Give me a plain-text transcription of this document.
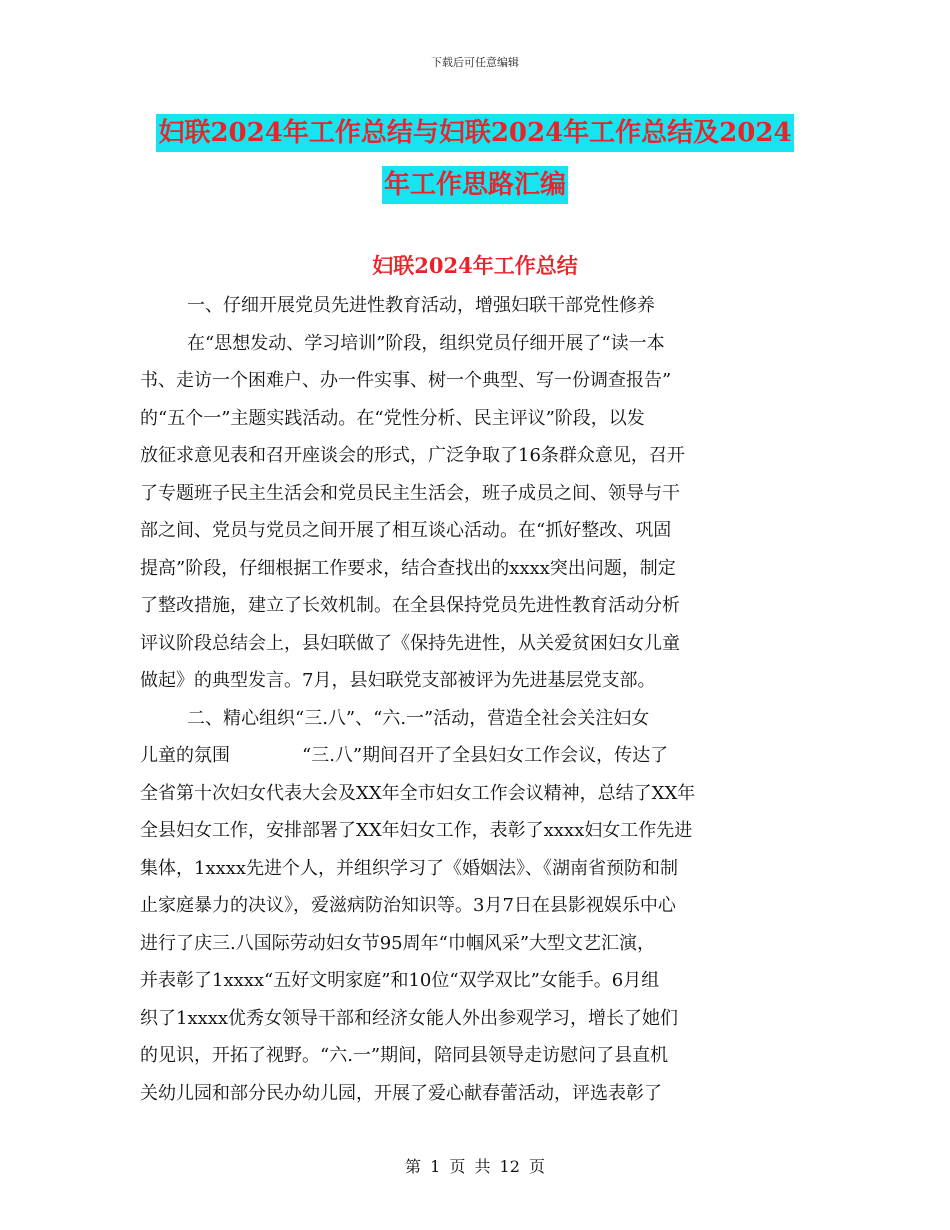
下载后可任意编辑
妇联2024年工作总结与妇联2024年工作总结及2024
年工作思路汇编
妇联2024年工作总结
一、仔细开展党员先进性教育活动，增强妇联干部党性修养
在“思想发动、学习培训”阶段，组织党员仔细开展了“读一本
书、走访一个困难户、办一件实事、树一个典型、写一份调查报告”
的“五个一”主题实践活动。在“党性分析、民主评议”阶段，以发
放征求意见表和召开座谈会的形式，广泛争取了16条群众意见，召开
了专题班子民主生活会和党员民主生活会，班子成员之间、领导与干
部之间、党员与党员之间开展了相互谈心活动。在“抓好整改、巩固
提高”阶段，仔细根据工作要求，结合查找出的xxxx突出问题，制定
了整改措施，建立了长效机制。在全县保持党员先进性教育活动分析
评议阶段总结会上，县妇联做了《保持先进性，从关爱贫困妇女儿童
做起》的典型发言。7月，县妇联党支部被评为先进基层党支部。
二、精心组织“三.八”、“六.一”活动，营造全社会关注妇女
儿童的氛围　　　　“三.八”期间召开了全县妇女工作会议，传达了
全省第十次妇女代表大会及XX年全市妇女工作会议精神，总结了XX年
全县妇女工作，安排部署了XX年妇女工作，表彰了xxxx妇女工作先进
集体，1xxxx先进个人，并组织学习了《婚姻法》、《湖南省预防和制
止家庭暴力的决议》，爱滋病防治知识等。3月7日在县影视娱乐中心
进行了庆三.八国际劳动妇女节95周年“巾帼风采”大型文艺汇演，
并表彰了1xxxx“五好文明家庭”和10位“双学双比”女能手。6月组
织了1xxxx优秀女领导干部和经济女能人外出参观学习，增长了她们
的见识，开拓了视野。“六.一”期间，陪同县领导走访慰问了县直机
关幼儿园和部分民办幼儿园，开展了爱心献春蕾活动，评选表彰了
第 1 页 共 12 页
